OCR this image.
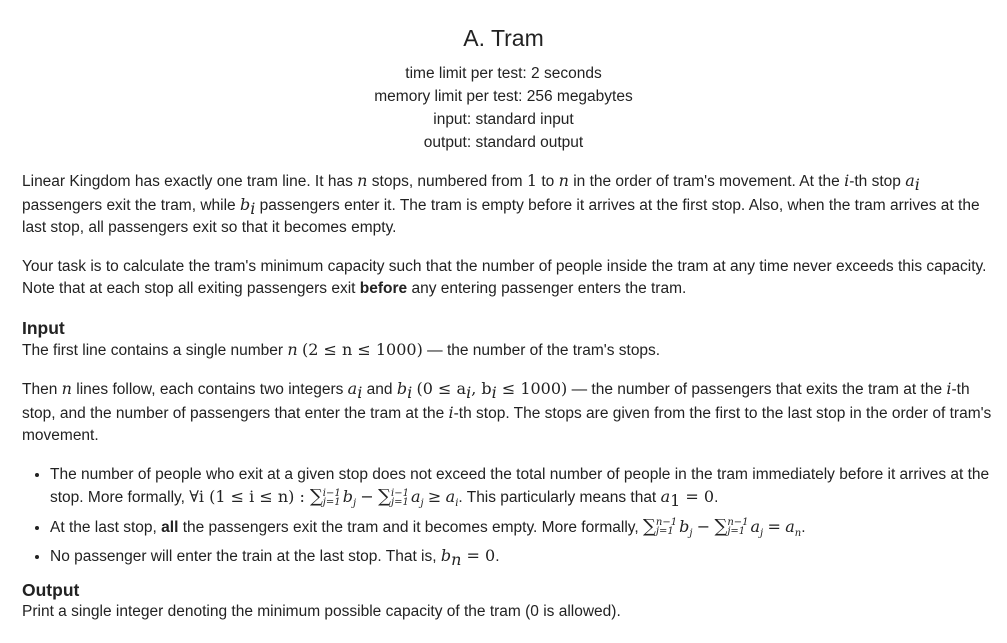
A. Tram
time limit per test: 2 seconds
memory limit per test: 256 megabytes
input: standard input
output: standard output

Linear Kingdom has exactly one tram line. It has n stops, numbered from 1 to n in the order of tram's movement. At the i-th stop $a_i$ passengers exit the tram, while $b_i$ passengers enter it. The tram is empty before it arrives at the first stop. Also, when the tram arrives at the last stop, all passengers exit so that it becomes empty.

Your task is to calculate the tram's minimum capacity such that the number of people inside the tram at any time never exceeds this capacity. Note that at each stop all exiting passengers exit before any entering passenger enters the tram.

Input

The first line contains a single number n (2 ≤ n ≤ 1000) — the number of the tram's stops.

Then n lines follow, each contains two integers $a_i$ and $b_i$ ($0 \le a_i$, $b_i \le 1000$) — the number of passengers that exits the tram at the i-th stop, and the number of passengers that enter the tram at the i-th stop. The stops are given from the first to the last stop in the order of tram's movement.

• The number of people who exit at a given stop does not exceed the total number of people in the tram immediately before it arrives at the stop. More formally, ∀i (1 ≤ i ≤ n) : ∑ i−1
j=1 $b_j$ − ∑ i−1
j=1 $a_j \ge a_i$. This particularly means that $a_1 = 0$.
• At the last stop, all the passengers exit the tram and it becomes empty. More formally, ∑ n−1
j=1 $b_j$ − ∑ n−1
j=1 $a_j = a_n$.
• No passenger will enter the train at the last stop. That is, $b_n = 0$.
Output
Print a single integer denoting the minimum possible capacity of the tram (0 is allowed).
